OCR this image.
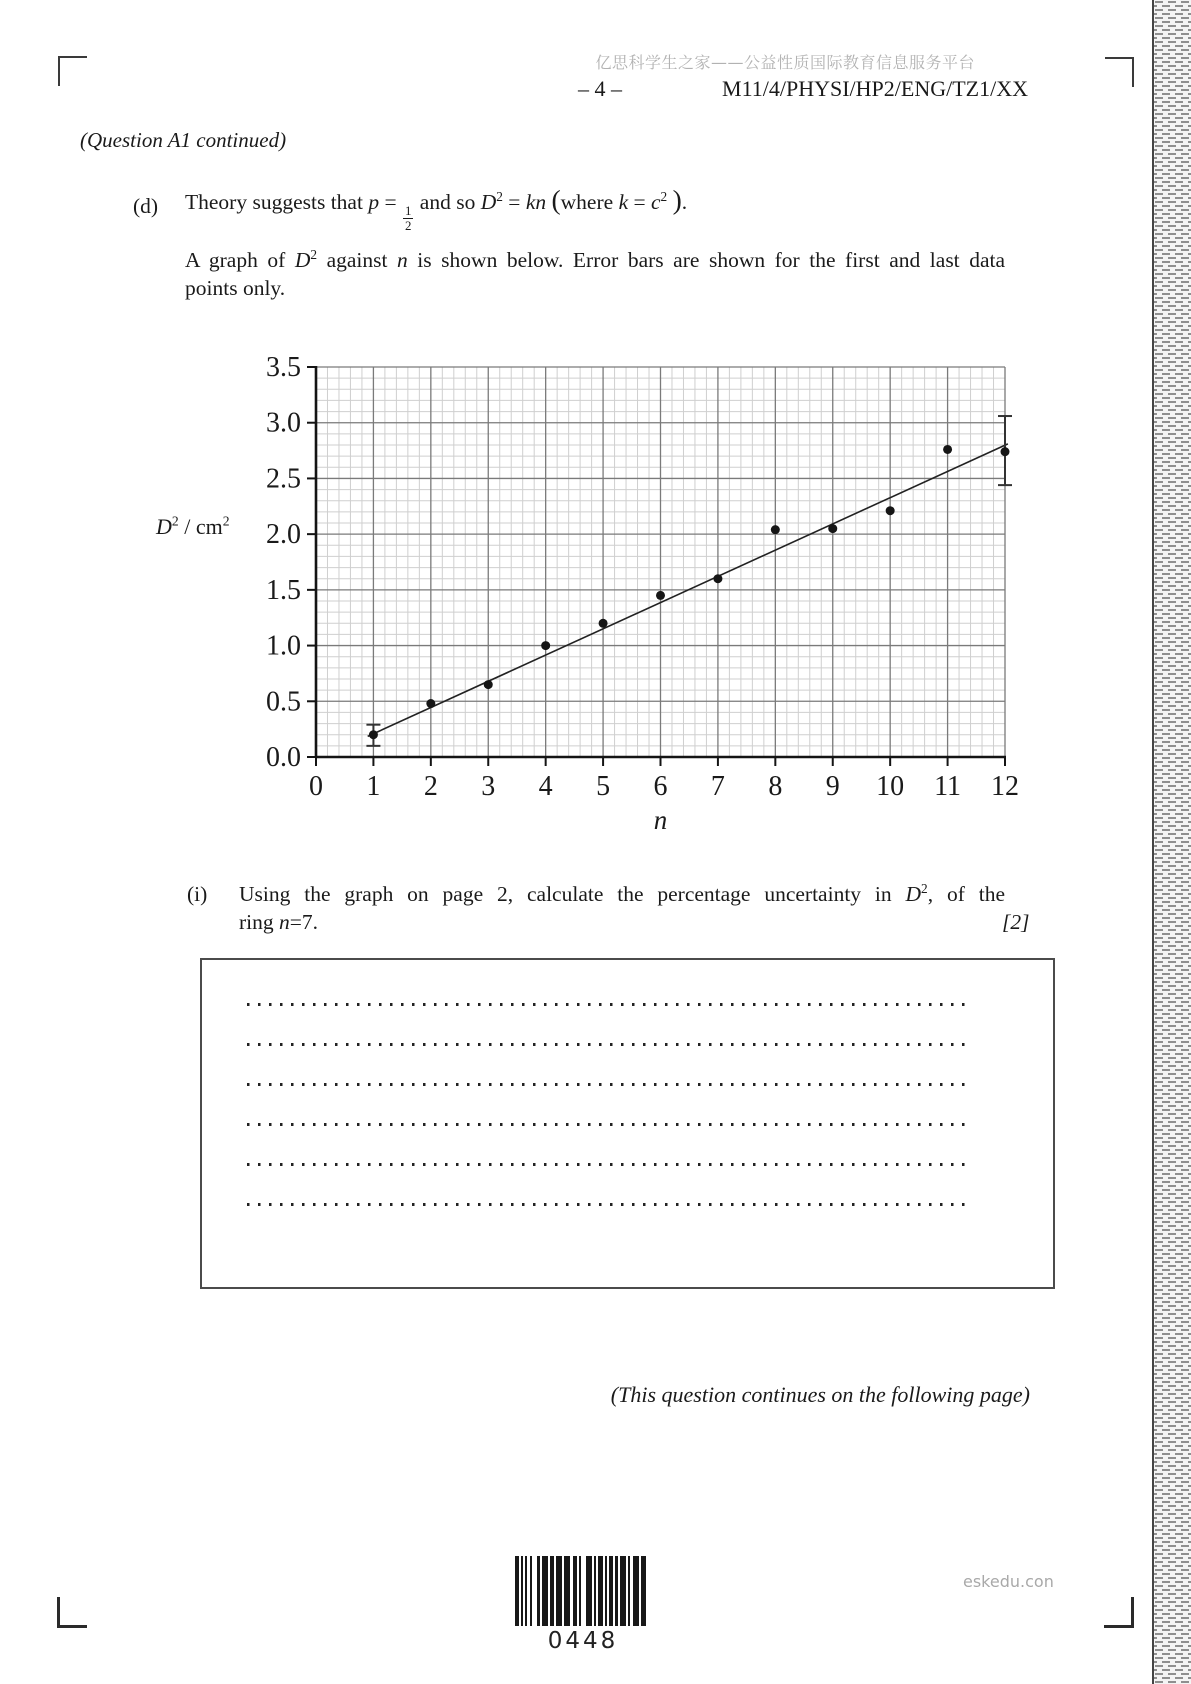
亿思科学生之家——公益性质国际教育信息服务平台
– 4 –	M11/4/PHYSI/HP2/ENG/TZ1/XX
(Question A1 continued)
(d) Theory suggests that p =
$\frac{1}{2}$
and so $D^2$ = kn (where $k = c^2$ ).
A graph of $D^2$ against n is shown below. Error bars are shown for the first and last data
points only.
$D^2 / cm^2$
0.0
0.5
1.0
1.5
2.0
2.5
3.0
3.5
0 1 2 3 4 5 6 7 8 9 10 11 12
n
(i) Using the graph on page 2, calculate the percentage uncertainty in $D^2$, of the
ring n=7.	[2]
(This question continues on the following page)
0448
eskedu.con
